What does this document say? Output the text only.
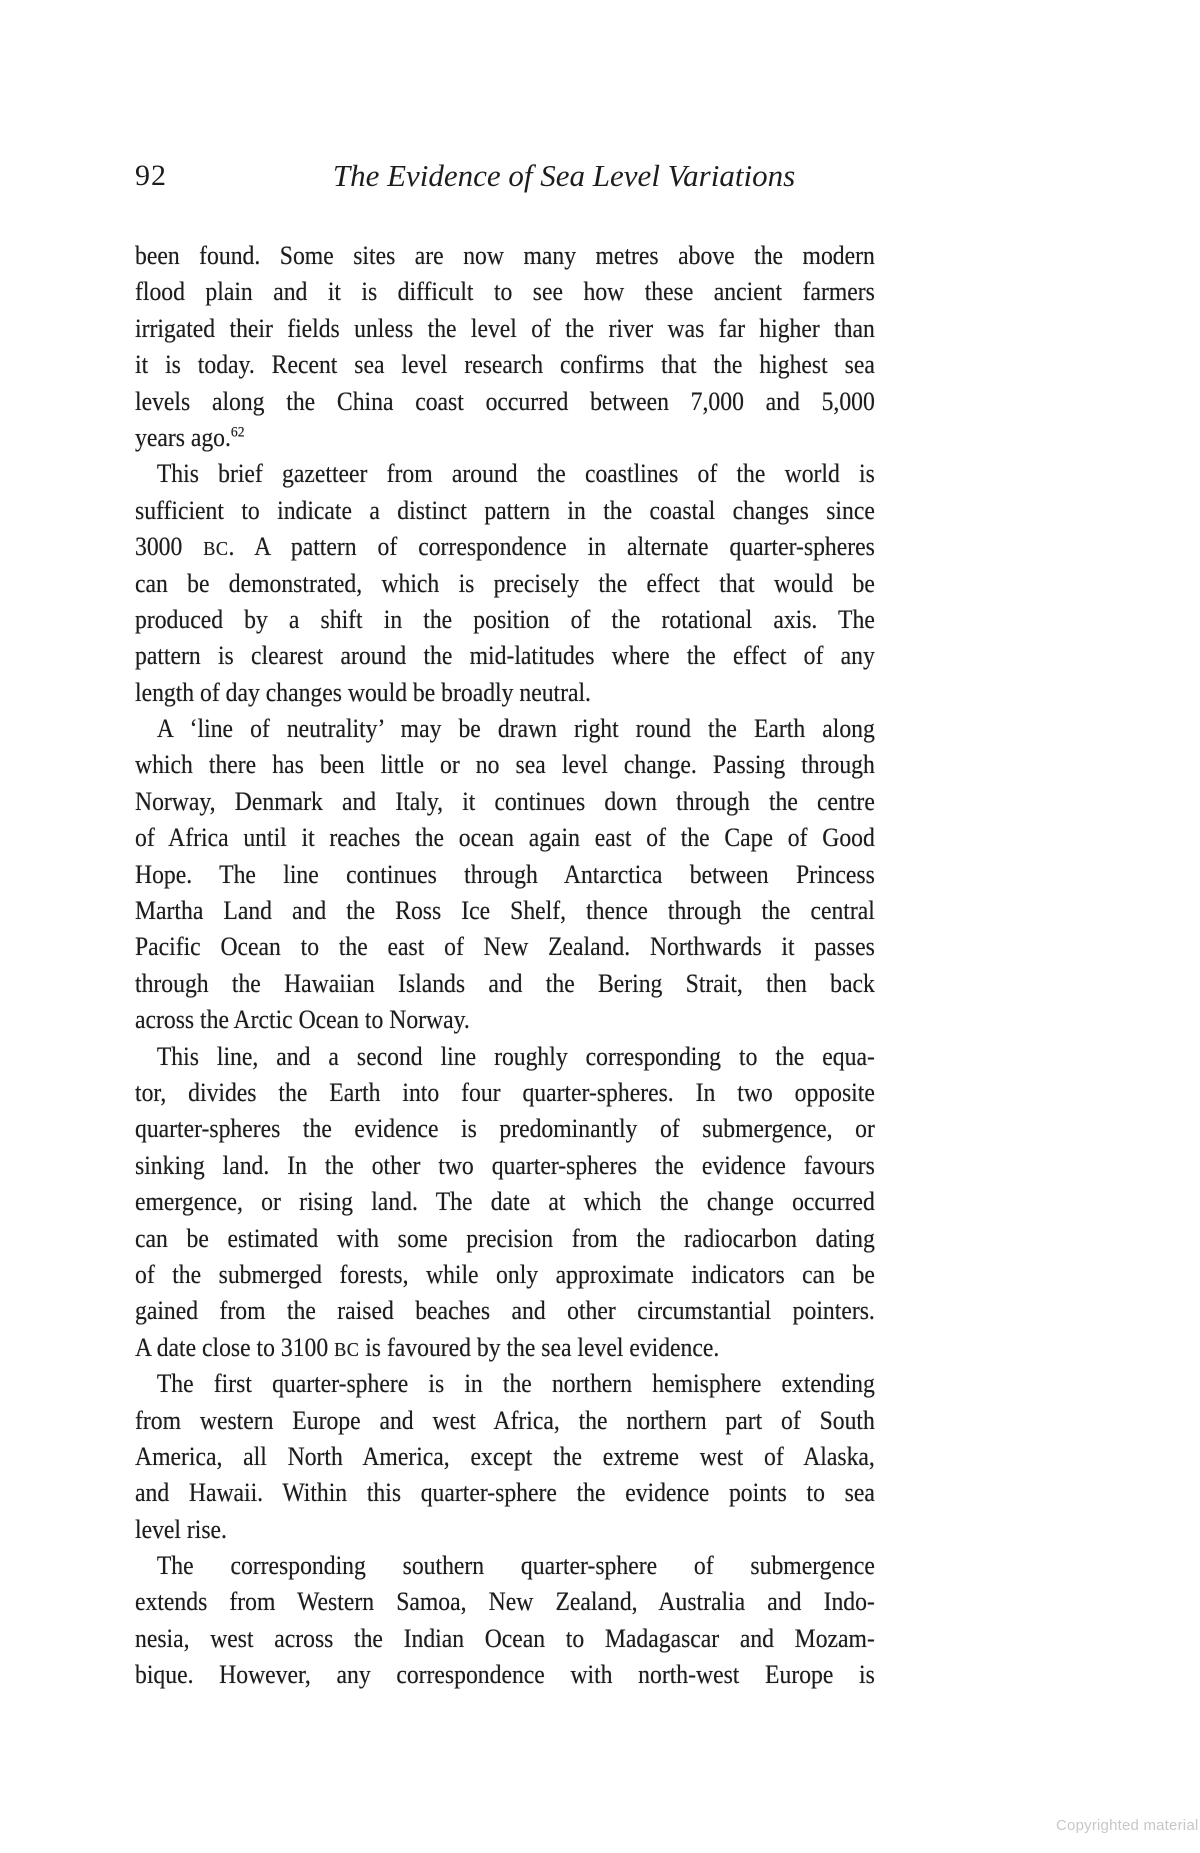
92	The Evidence of Sea Level Variations
been found. Some sites are now many metres above the modern
flood plain and it is difficult to see how these ancient farmers
irrigated their fields unless the level of the river was far higher than
it is today. Recent sea level research confirms that the highest sea
levels along the China coast occurred between 7,000 and 5,000
years ago.$^{62}$
This brief gazetteer from around the coastlines of the world is
sufficient to indicate a distinct pattern in the coastal changes since
3000 BC. A pattern of correspondence in alternate quarter-spheres
can be demonstrated, which is precisely the effect that would be
produced by a shift in the position of the rotational axis. The
pattern is clearest around the mid-latitudes where the effect of any
length of day changes would be broadly neutral.
A ‘line of neutrality’ may be drawn right round the Earth along
which there has been little or no sea level change. Passing through
Norway, Denmark and Italy, it continues down through the centre
of Africa until it reaches the ocean again east of the Cape of Good
Hope. The line continues through Antarctica between Princess
Martha Land and the Ross Ice Shelf, thence through the central
Pacific Ocean to the east of New Zealand. Northwards it passes
through the Hawaiian Islands and the Bering Strait, then back
across the Arctic Ocean to Norway.
This line, and a second line roughly corresponding to the equa-
tor, divides the Earth into four quarter-spheres. In two opposite
quarter-spheres the evidence is predominantly of submergence, or
sinking land. In the other two quarter-spheres the evidence favours
emergence, or rising land. The date at which the change occurred
can be estimated with some precision from the radiocarbon dating
of the submerged forests, while only approximate indicators can be
gained from the raised beaches and other circumstantial pointers.
A date close to 3100 BC is favoured by the sea level evidence.
The first quarter-sphere is in the northern hemisphere extending
from western Europe and west Africa, the northern part of South
America, all North America, except the extreme west of Alaska,
and Hawaii. Within this quarter-sphere the evidence points to sea
level rise.
The corresponding southern quarter-sphere of submergence
extends from Western Samoa, New Zealand, Australia and Indo-
nesia, west across the Indian Ocean to Madagascar and Mozam-
bique. However, any correspondence with north-west Europe is
Copyrighted material
